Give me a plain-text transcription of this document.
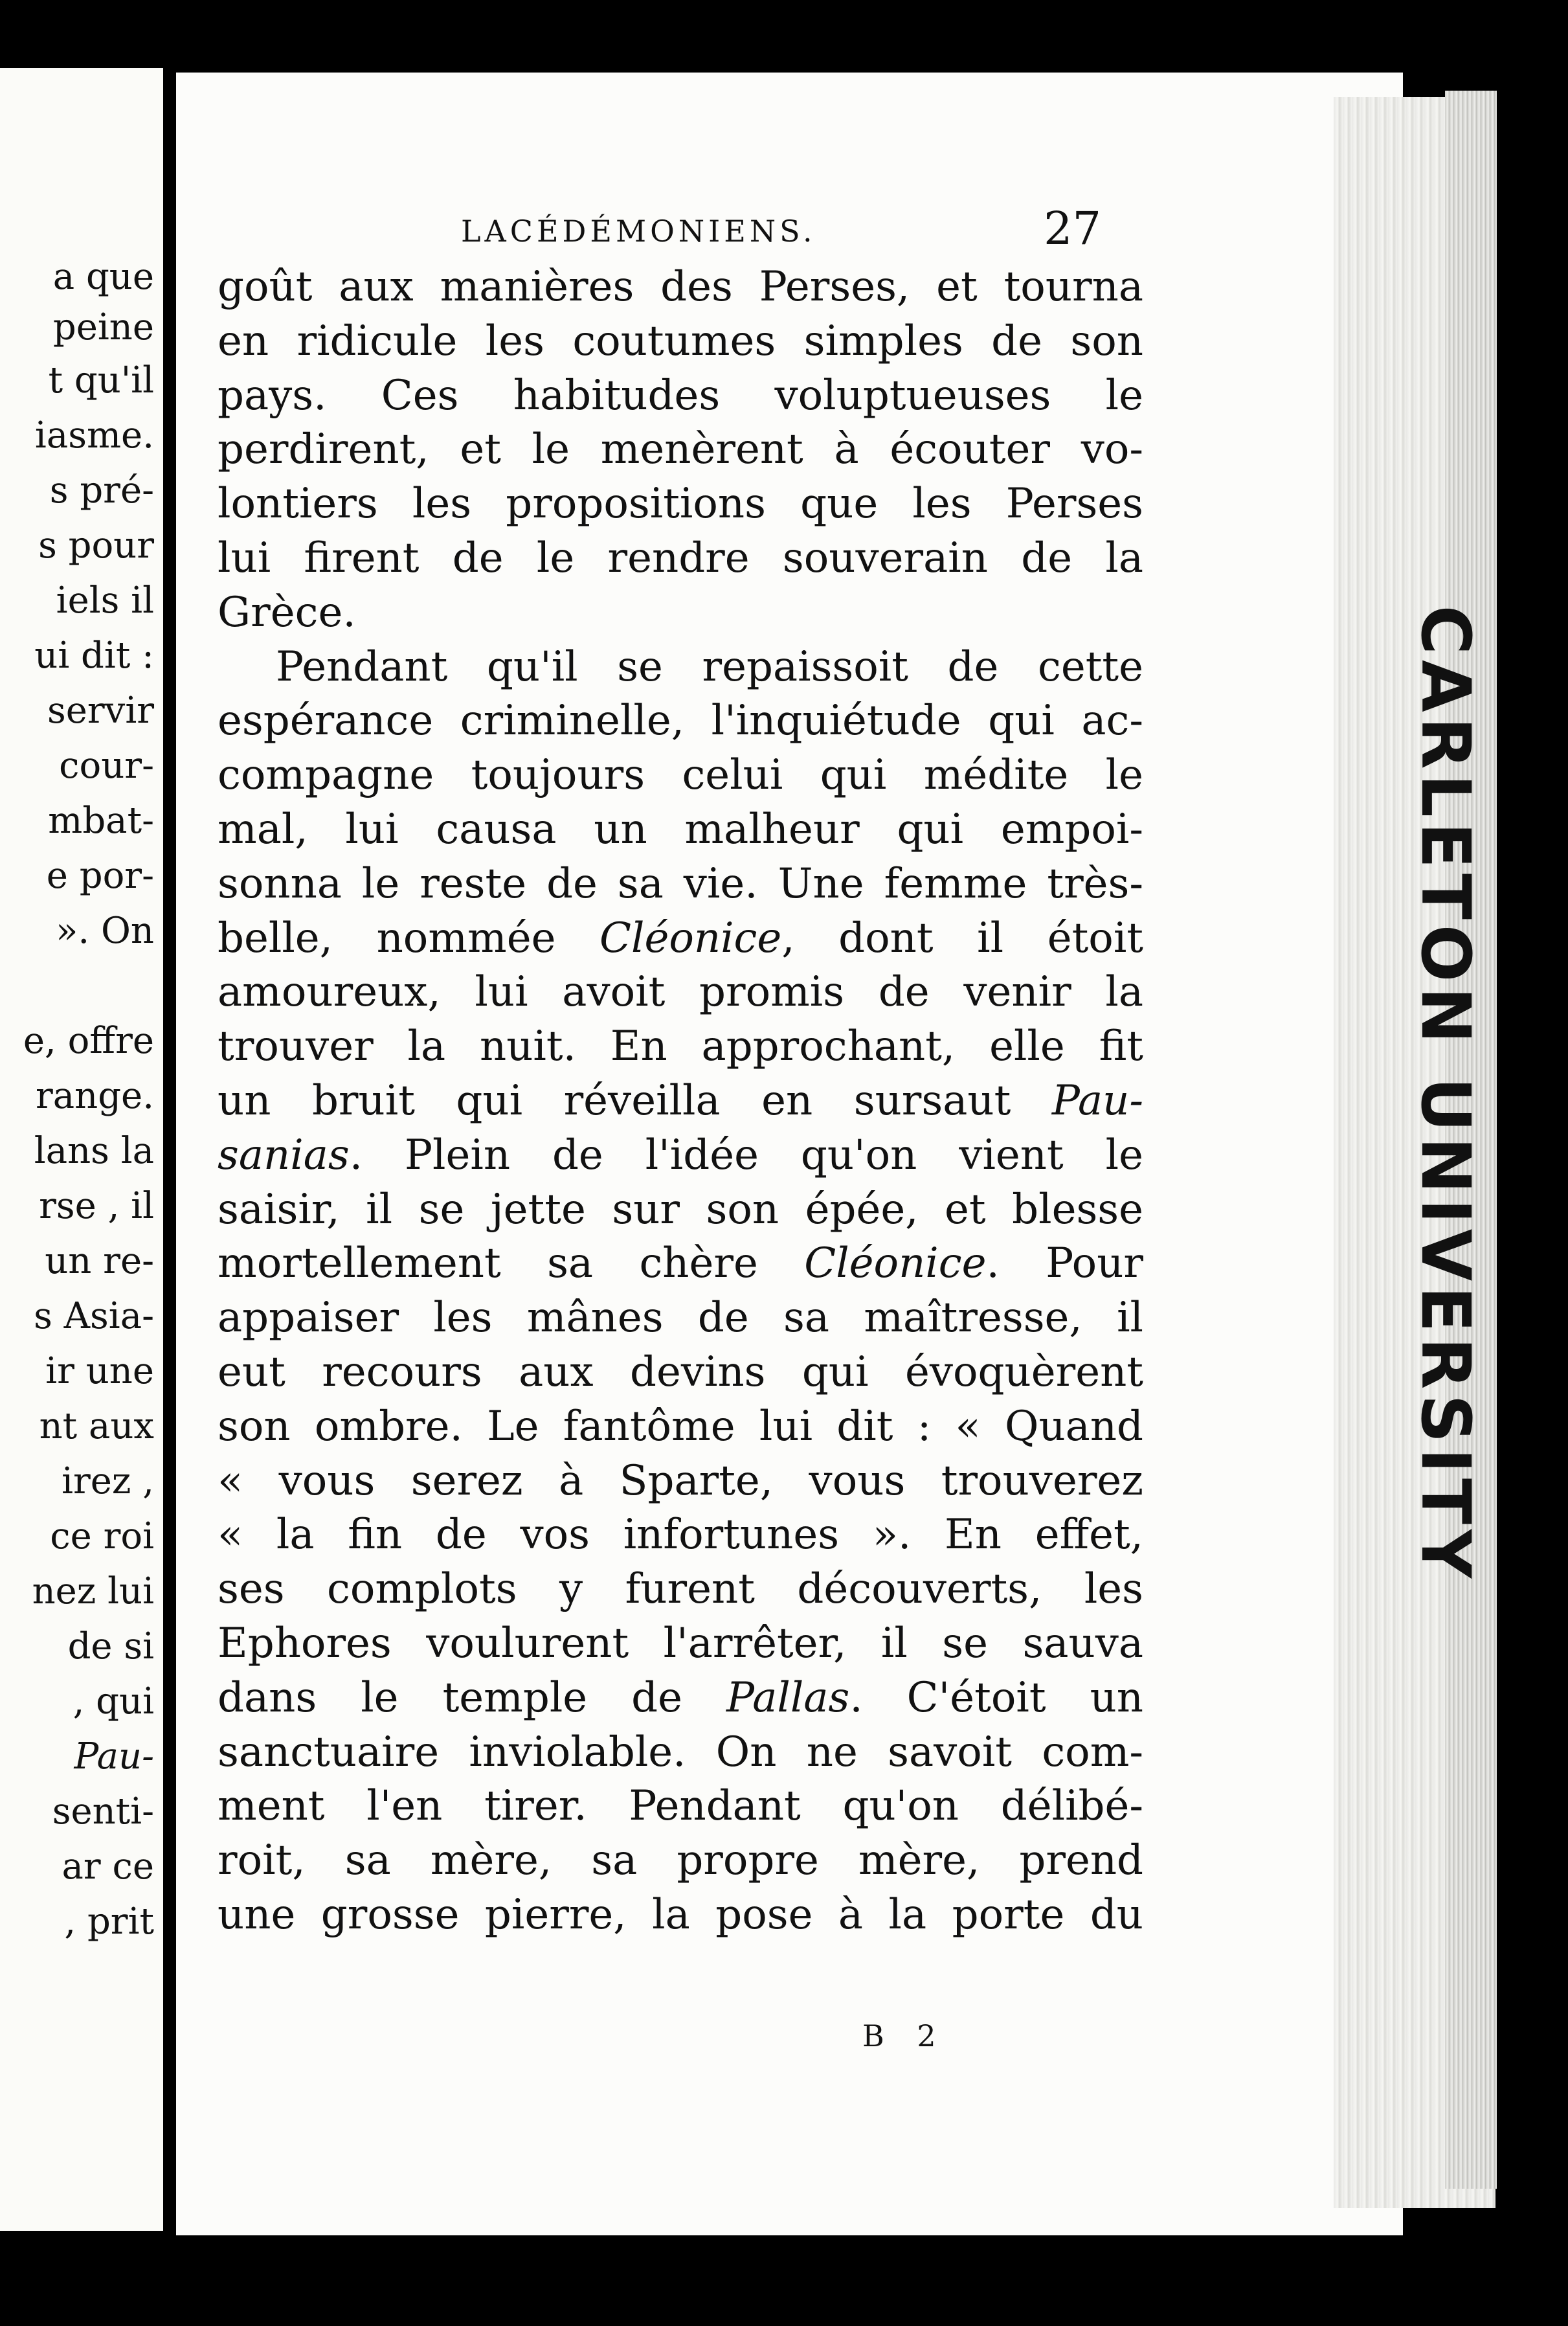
a que
peine
t qu'il
iasme.
s pré-
s pour
iels il
ui dit :
servir
cour-
mbat-
e por-
». On
e, offre
range.
lans la
rse , il
un re-
s Asia-
ir une
nt aux
irez ,
ce roi
nez lui
de si
, qui
Pau-
senti-
ar ce
, prit
LACÉDÉMONIENS.	27
goût aux manières des Perses, et tourna
en ridicule les coutumes simples de son
pays. Ces habitudes voluptueuses le
perdirent, et le menèrent à écouter vo-
lontiers les propositions que les Perses
lui firent de le rendre souverain de la
Grèce.
Pendant qu'il se repaissoit de cette
espérance criminelle, l'inquiétude qui ac-
compagne toujours celui qui médite le
mal, lui causa un malheur qui empoi-
sonna le reste de sa vie. Une femme très-
belle, nommée Cléonice, dont il étoit
amoureux, lui avoit promis de venir la
trouver la nuit. En approchant, elle fit
un bruit qui réveilla en sursaut Pau-
sanias. Plein de l'idée qu'on vient le
saisir, il se jette sur son épée, et blesse
mortellement sa chère Cléonice. Pour
appaiser les mânes de sa maîtresse, il
eut recours aux devins qui évoquèrent
son ombre. Le fantôme lui dit : « Quand
« vous serez à Sparte, vous trouverez
« la fin de vos infortunes ». En effet,
ses complots y furent découverts, les
Ephores voulurent l'arrêter, il se sauva
dans le temple de Pallas. C'étoit un
sanctuaire inviolable. On ne savoit com-
ment l'en tirer. Pendant qu'on délibé-
roit, sa mère, sa propre mère, prend
une grosse pierre, la pose à la porte du
B 2
CARLETON UNIVERSITY
